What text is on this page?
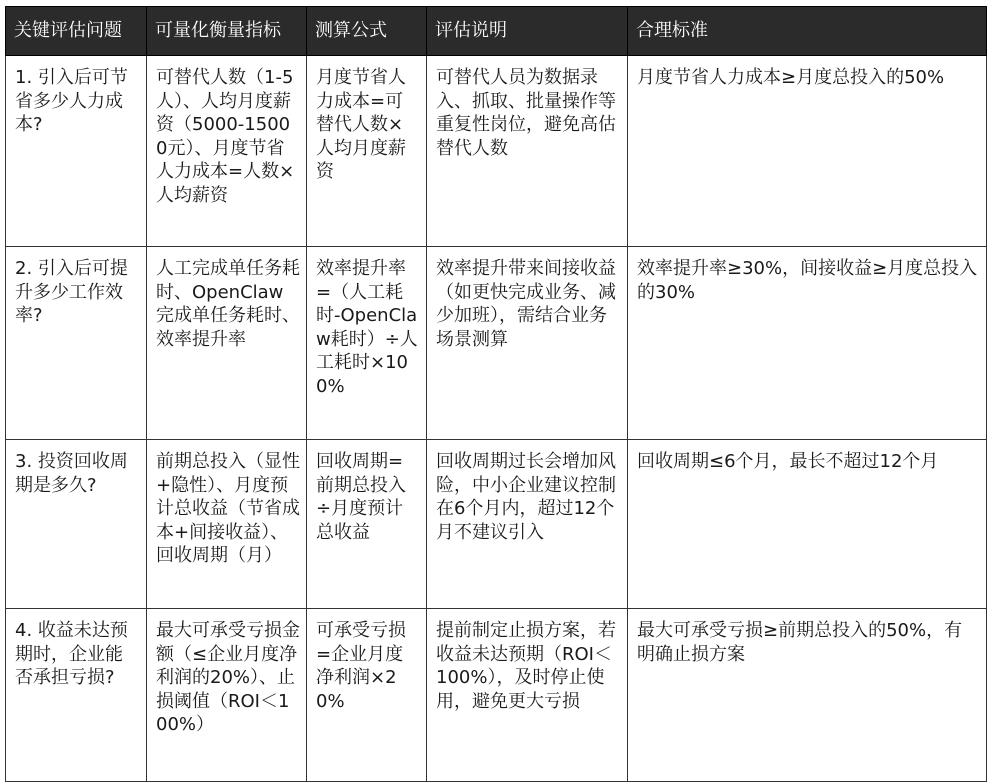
关键评估问题	可量化衡量指标	测算公式	评估说明	合理标准
1. 引入后可节省多少人力成本?	可替代人数（1-5人）、人均月度薪资（5000-15000元）、月度节省人力成本=人数×人均薪资	月度节省人力成本=可替代人数×人均月度薪资	可替代人员为数据录入、抓取、批量操作等重复性岗位，避免高估替代人数	月度节省人力成本≥月度总投入的50%
2. 引入后可提升多少工作效率?	人工完成单任务耗时、OpenClaw完成单任务耗时、效率提升率	效率提升率=（人工耗时-OpenClaw耗时）÷人工耗时×100%	效率提升带来间接收益（如更快完成业务、减少加班），需结合业务场景测算	效率提升率≥30%，间接收益≥月度总投入的30%
3. 投资回收周期是多久?	前期总投入（显性+隐性）、月度预计总收益（节省成本+间接收益）、回收周期（月）	回收周期=前期总投入÷月度预计总收益	回收周期过长会增加风险，中小企业建议控制在6个月内，超过12个月不建议引入	回收周期≤6个月，最长不超过12个月
4. 收益未达预期时，企业能否承担亏损?	最大可承受亏损金额（≤企业月度净利润的20%）、止损阈值（ROI＜100%）	可承受亏损=企业月度净利润×20%	提前制定止损方案，若收益未达预期（ROI＜100%），及时停止使用，避免更大亏损	最大可承受亏损≥前期总投入的50%，有明确止损方案
